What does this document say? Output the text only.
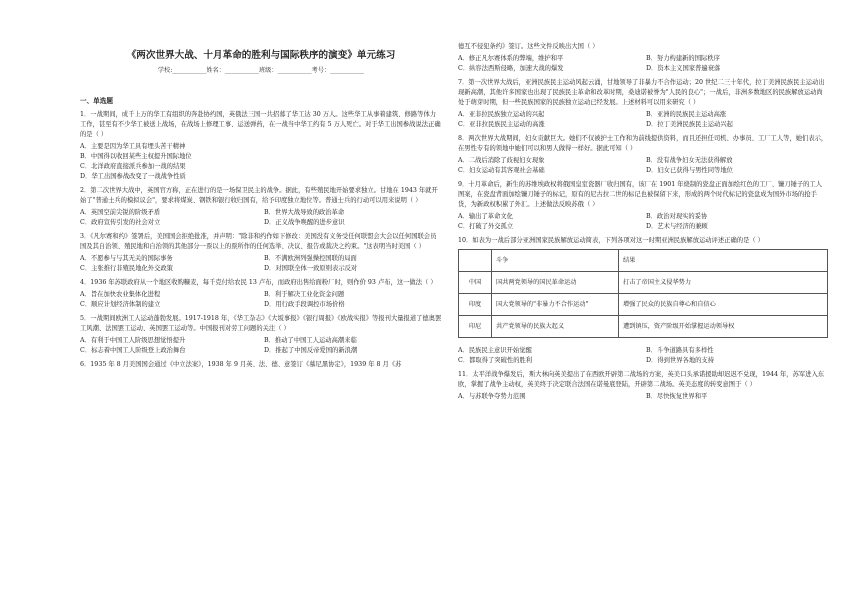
《两次世界大战、十月革命的胜利与国际秩序的演变》单元练习
学校:___________姓名：___________班级：___________考号：___________
一、单选题
1．一战期间，成千上万的华工有组织的奔赴协约国，英俄法三国一共招募了华工达 30 万人。这些华工从事着建筑、修路等体力工作，甚至有不少华工被送上战场，在战场上修理工事、运送弹药，在一战当中华工约有 5 万人死亡。对于华工出国参战说法正确的是（ ）
A．主要是因为华工具有埋头苦干精神
B．中国得以收回某些主权提升国际地位
C．北洋政府直接派兵参加一战的结果
D．华工出国参战改变了一战战争性质
2．第二次世界大战中，英国官方称，正在进行的是一场保卫民主的战争。据此，有些殖民地开始要求独立。甘地在 1943 年就开始了"普通士兵的模拟议会"，要求将煤炭、钢铁和银行收归国有，给予印度独立地位等。普通士兵的行动可以用来说明（ ）
A．英国空前尖锐的阶级矛盾	B．世界大战导致的政治革命
C．政府宣传引发的社会对立	D．正义战争唤醒的进步意识
3．《凡尔赛和约》签署后，美国国会拒绝批准，并声明："除非和约作如下修改：美国没有义务受任何联盟会大会以任何国联会员国及其自治领、殖民地和自治领的其他部分一票以上的票所作的任何选举、决议、报告或裁决之约束。"这表明当时美国（ ）
A．不愿参与与其无关的国际事务	B．不满欧洲列强操控国联的局面
C．主张推行非殖民地化外交政策	D．对国联全体一致原则表示反对
4．1936 年苏联政府从一个地区收购糠麦，每千克付给农民 13 卢布，而政府出售给面粉厂时，则作价 93 卢布，这一做法（ ）
A．旨在加快农业集体化进程	B．利于解决工业化资金问题
C．顺应计划经济体制的建立	D．用行政手段调控市场价格
5．一战期间欧洲工人运动蓬勃发展。1917-1918 年，《华工杂志》《大坂事报》《银行周报》《欧战实报》等报刊大量报道了德奥罢工风潮、法国罢工运动、英国罢工运动等。中国报刊对劳工问题的关注（ ）
A．有利于中国工人阶级思想觉悟提升	B．推动了中国工人运动高潮来临
C．标志着中国工人阶级登上政治舞台	D．推起了中国反帝爱国的新浪潮
6．1935 年 8 月美国国会通过《中立法案》，1938 年 9 月英、法、德、意签订《慕尼黑协定》，1939 年 8 月《苏
德互不侵犯条约》签订。这些文件反映出大国（ ）
A．修正凡尔赛体系的弊端，维护和平	B．努力构建新的国际秩序
C．纵容法西斯侵略，加速大战的爆发	D．资本主义国家普遍衰落
7．第一次世界大战后，亚洲民族民主运动风起云涌，甘地领导了非暴力不合作运动；20 世纪二三十年代，拉丁美洲民族民主运动出现新高潮，其他许多国家也出现了民族民主革命和改革时期，桑迪诺被誉为"人民的良心"；一战后，非洲多数地区的民族解放运动尚处于萌芽时期，但一些民族国家的民族独立运动已经发展。上述材料可以用来研究（ ）
A．亚非拉民族独立运动的兴起	B．亚洲的民族民主运动高涨
C．亚非拉民族民主运动的高涨	D．拉丁美洲民族民主运动兴起
8．两次世界大战期间，妇女贡献巨大。她们不仅被护士工作和为前线提供资料，而且还担任司机、办事员、工厂工人等，她们表示，在男性专有的领地中她们可以和男人做得一样好。据此可知（ ）
A．二战后消除了歧视妇女现象	B．没有战争妇女无法获得解放
C．妇女运动有其客观社会基础	D．妇女已获得与男性同等地位
9．十月革命后，新生的苏维埃政权将俄国皇室瓷器厂收归国有，该厂在 1901 年烧制的瓷盘正面加绘红色的工厂、镰刀锤子的工人图案，在瓷盘背面加绘镰刀锤子的标记，原有的尼古拉二世的标记也被保留下来，形成的两个时代标记的瓷盘成为国外市场的抢手货，为新政权积累了外汇。上述做法反映苏俄（ ）
A．输出了革命文化	B．政治对现实的妥协
C．打破了外交孤立	D．艺术与经济的兼顾
10．如表为一战后部分亚洲国家民族解放运动简表，下列各项对这一时期亚洲民族解放运动评述正确的是（ ）
	斗争	结果
中国	国共两党领导的国民革命运动	打击了帝国主义侵华势力
印度	国大党领导的"非暴力不合作运动"	增强了民众的民族自尊心和自信心
印尼	共产党领导的民族大起义	遭到镇压，资产阶级开始掌握运动领导权
A．民族民主意识开始觉醒	B．斗争道路具有多样性
C．都取得了突破性的胜利	D．得到世界各地的支持
11．太平洋战争爆发后，斯大林向英美提出了在西欧开辟第二战场的方案，英美口头承诺援助却迟迟不兑现，1944 年，苏军进入东欧，掌握了战争主动权，英美终于决定联合法国在诺曼底登陆，开辟第二战场。英美态度的转变意图于（ ）
A．与苏联争夺势力范围	B．尽快恢复世界和平
